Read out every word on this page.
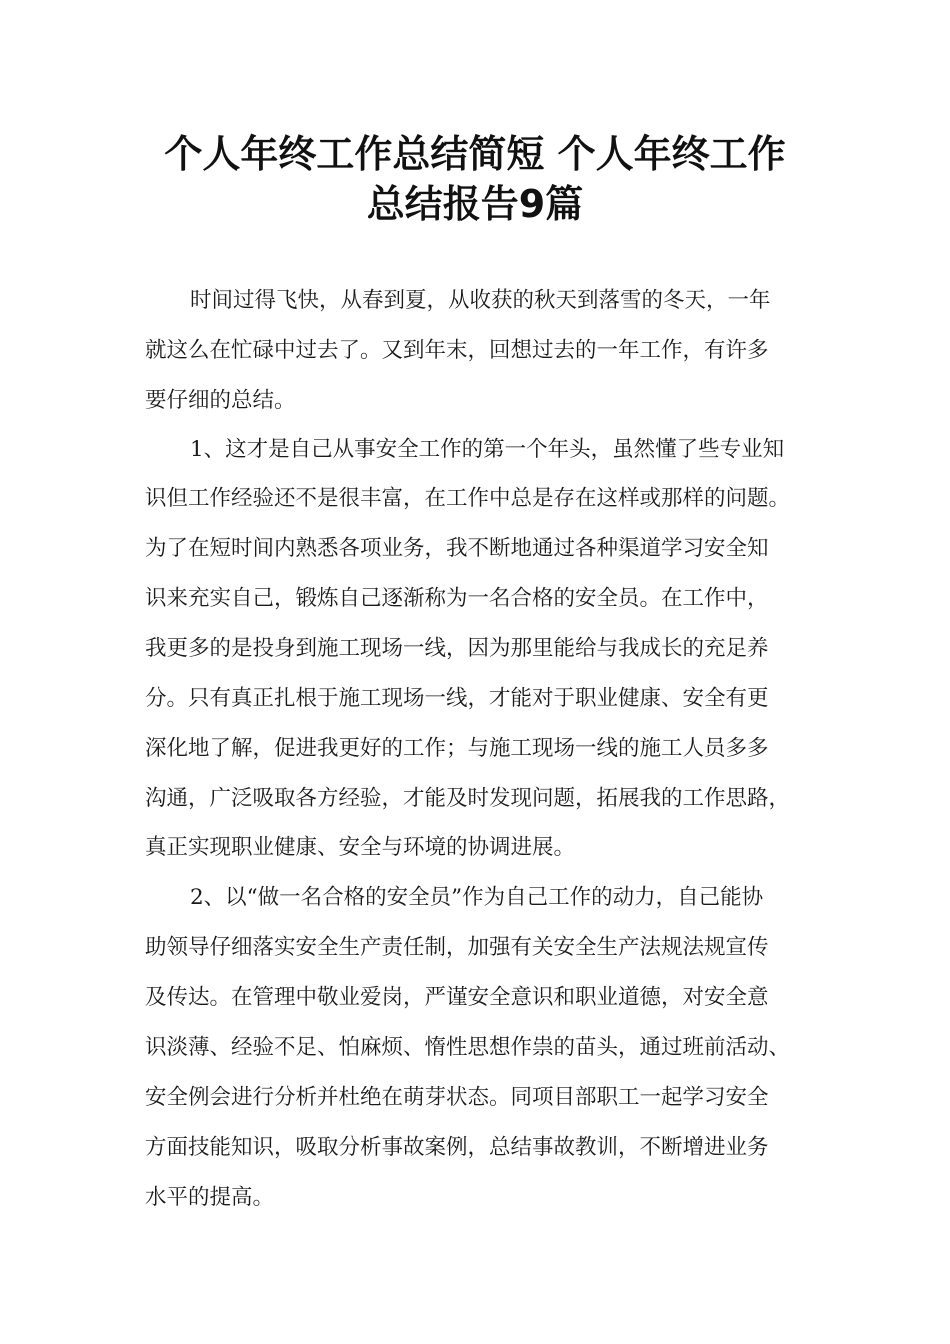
个人年终工作总结简短 个人年终工作
总结报告9篇

时间过得飞快，从春到夏，从收获的秋天到落雪的冬天，一年

就这么在忙碌中过去了。又到年末，回想过去的一年工作，有许多

要仔细的总结。

1、这才是自己从事安全工作的第一个年头，虽然懂了些专业知

识但工作经验还不是很丰富，在工作中总是存在这样或那样的问题。

为了在短时间内熟悉各项业务，我不断地通过各种渠道学习安全知

识来充实自己，锻炼自己逐渐称为一名合格的安全员。在工作中，

我更多的是投身到施工现场一线，因为那里能给与我成长的充足养

分。只有真正扎根于施工现场一线，才能对于职业健康、安全有更

深化地了解，促进我更好的工作；与施工现场一线的施工人员多多

沟通，广泛吸取各方经验，才能及时发现问题，拓展我的工作思路，

真正实现职业健康、安全与环境的协调进展。

2、以“做一名合格的安全员”作为自己工作的动力，自己能协

助领导仔细落实安全生产责任制，加强有关安全生产法规法规宣传

及传达。在管理中敬业爱岗，严谨安全意识和职业道德，对安全意

识淡薄、经验不足、怕麻烦、惰性思想作祟的苗头，通过班前活动、

安全例会进行分析并杜绝在萌芽状态。同项目部职工一起学习安全

方面技能知识，吸取分析事故案例，总结事故教训，不断增进业务

水平的提高。
